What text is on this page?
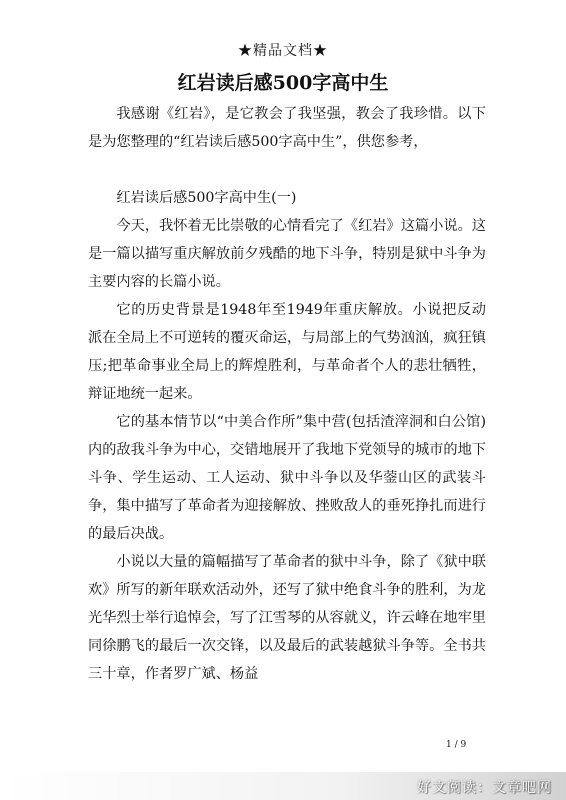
★精品文档★
红岩读后感500字高中生

我感谢《红岩》，是它教会了我坚强，教会了我珍惜。以下是为您整理的“红岩读后感500字高中生”，供您参考，

红岩读后感500字高中生(一)

今天，我怀着无比崇敬的心情看完了《红岩》这篇小说。这是一篇以描写重庆解放前夕残酷的地下斗争，特别是狱中斗争为主要内容的长篇小说。

它的历史背景是1948年至1949年重庆解放。小说把反动派在全局上不可逆转的覆灭命运，与局部上的气势汹汹，疯狂镇压;把革命事业全局上的辉煌胜利，与革命者个人的悲壮牺牲，辩证地统一起来。

它的基本情节以“中美合作所”集中营(包括渣滓洞和白公馆)内的敌我斗争为中心，交错地展开了我地下党领导的城市的地下斗争、学生运动、工人运动、狱中斗争以及华蓥山区的武装斗争，集中描写了革命者为迎接解放、挫败敌人的垂死挣扎而进行的最后决战。

小说以大量的篇幅描写了革命者的狱中斗争，除了《狱中联欢》所写的新年联欢活动外，还写了狱中绝食斗争的胜利，为龙光华烈士举行追悼会，写了江雪琴的从容就义，许云峰在地牢里同徐鹏飞的最后一次交锋，以及最后的武装越狱斗争等。全书共三十章，作者罗广斌、杨益

1 / 9
好文阅读：文章吧网
